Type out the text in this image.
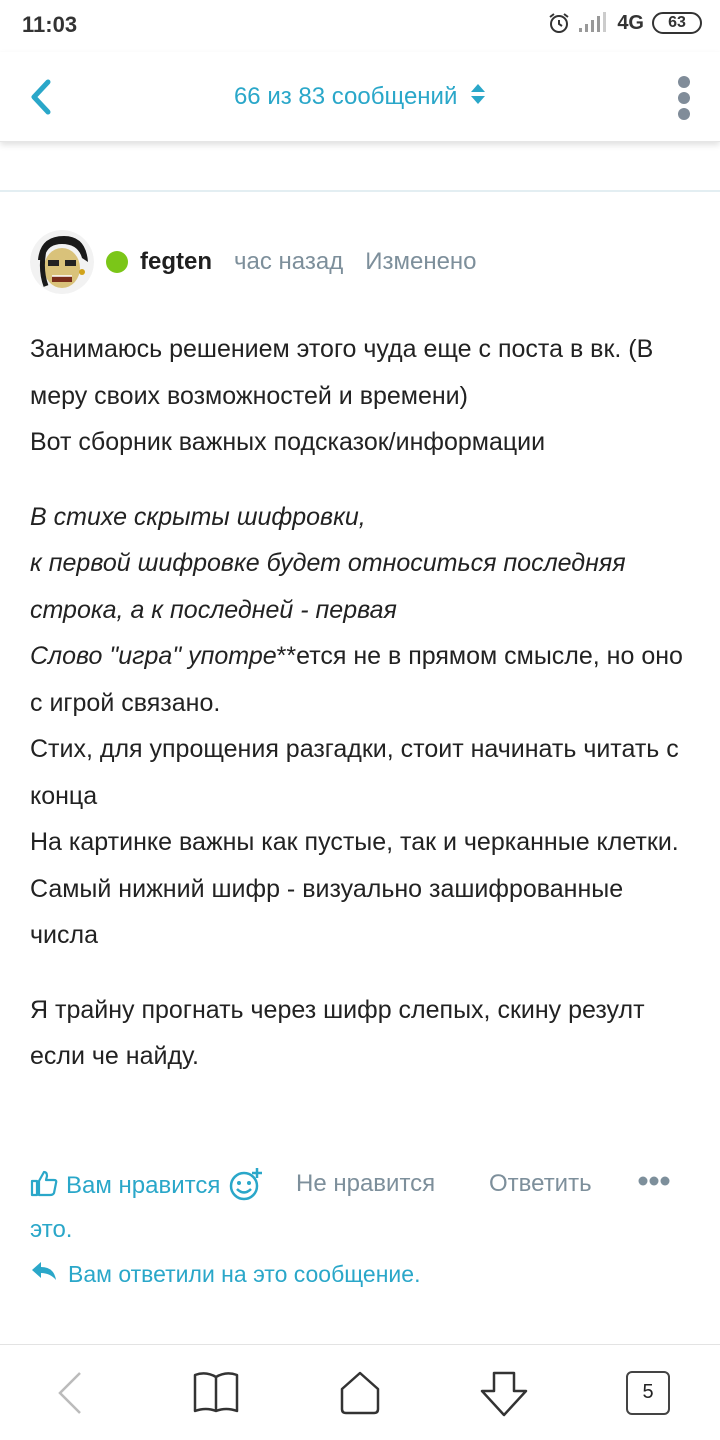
11:03	4G	63
66 из 83 сообщений
fegten час назад Изменено

Занимаюсь решением этого чуда еще с поста в вк. (В меру своих возможностей и времени)

Вот сборник важных подсказок/информации

В стихе скрыты шифровки,

к первой шифровке будет относиться последняя строка, а к последней - первая

Слово "игра" употре**ется не в прямом смысле, но оно с игрой связано.

Стих, для упрощения разгадки, стоит начинать читать с конца

На картинке важны как пустые, так и черканные клетки.

Самый нижний шифр - визуально зашифрованные числа

Я трайну прогнать через шифр слепых, скину резулт если че найду.

Вам нравится это.
Не нравится Ответить
Вам ответили на это сообщение.
5
